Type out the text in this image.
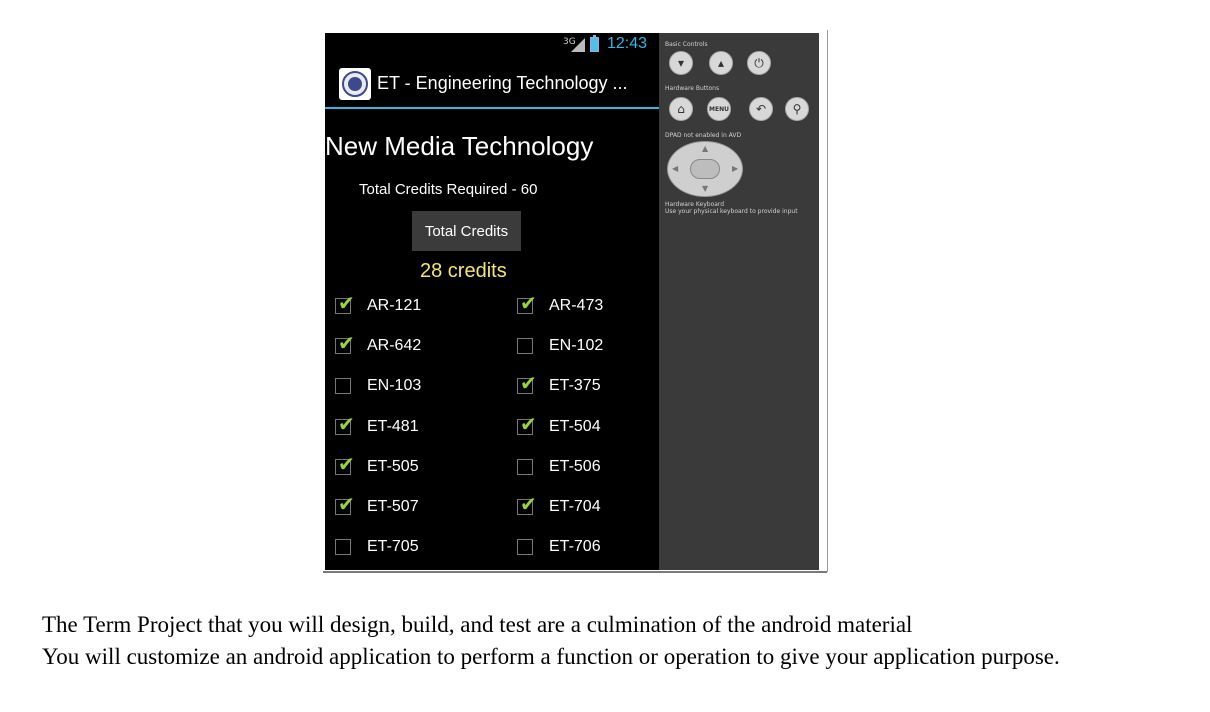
3G 12:43
ET - Engineering Technology ...
New Media Technology
Total Credits Required - 60
Total Credits
28 credits
✔ AR-121	✔ AR-473
✔ AR-642	EN-102
EN-103	✔ ET-375
✔ ET-481	✔ ET-504
✔ ET-505	ET-506
✔ ET-507	✔ ET-704
ET-705	ET-706
Basic Controls
▾	▴	⏻
Hardware Buttons
⌂	MENU	↶	⚲
DPAD not enabled in AVD
▲
▼
◀	▶
Hardware Keyboard
Use your physical keyboard to provide input
The Term Project that you will design, build, and test are a culmination of the android material
You will customize an android application to perform a function or operation to give your application purpose.
